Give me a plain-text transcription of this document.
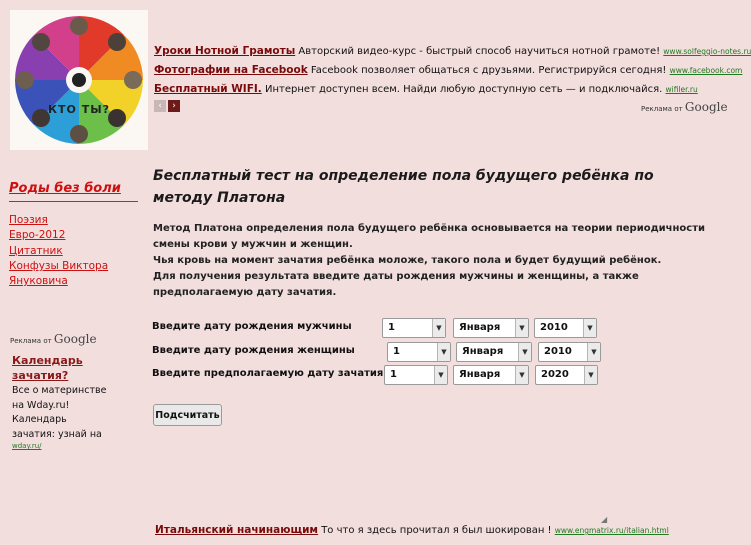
КТО ТЫ?
Уроки Нотной Грамоты Авторский видео-курс - быстрый способ научиться нотной грамоте! www.solfeggio-notes.ru
Фотографии на Facebook Facebook позволяет общаться с друзьями. Регистрируйся сегодня! www.facebook.com
Бесплатный WIFI. Интернет доступен всем. Найди любую доступную сеть — и подключайся. wifiler.ru
‹	›	Реклама от Google
Роды без боли
Поэзия
Евро-2012
Цитатник
Конфузы Виктора
Януковича
Реклама от Google
Календарь зачатия?
Все о материнстве на Wday.ru! Календарь зачатия: узнай на
wday.ru/
Бесплатный тест на определение пола будущего ребёнка по методу Платона

Метод Платона определения пола будущего ребёнка основывается на теории периодичности смены крови у мужчин и женщин.

Чья кровь на момент зачатия ребёнка моложе, такого пола и будет будущий ребёнок.

Для получения результата введите даты рождения мужчины и женщины, а также предполагаемую дату зачатия.

Введите дату рождения мужчины	1	▼	Января	▼	2010	▼
Введите дату рождения женщины	1	▼	Января	▼	2010	▼
Введите предполагаемую дату зачатия 1	▼	Января	▼	2020	▼
Подсчитать
◢
Итальянский начинающим То что я здесь прочитал я был шокирован ! www.engmatrix.ru/italian.html
